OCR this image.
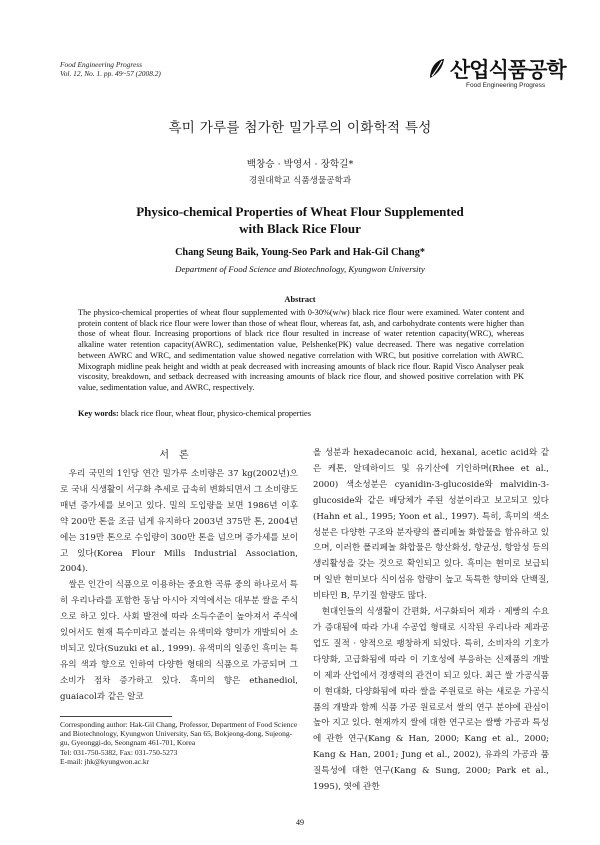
Food Engineering Progress
Vol. 12, No. 1. pp. 49~57 (2008.2)	산업식품공학
Food Engineering Progress
흑미 가루를 첨가한 밀가루의 이화학적 특성
백창승 · 박영서 · 장학길*
경원대학교 식품생물공학과
Physico-chemical Properties of Wheat Flour Supplemented
with Black Rice Flour
Chang Seung Baik, Young-Seo Park and Hak-Gil Chang*
Department of Food Science and Biotechnology, Kyungwon University
Abstract
The physico-chemical properties of wheat flour supplemented with 0-30%(w/w) black rice flour were examined. Water content and protein content of black rice flour were lower than those of wheat flour, whereas fat, ash, and carbohydrate contents were higher than those of wheat flour. Increasing proportions of black rice flour resulted in increase of water retention capacity(WRC), whereas alkaline water retention capacity(AWRC), sedimentation value, Pelshenke(PK) value decreased. There was negative correlation between AWRC and WRC, and sedimentation value showed negative correlation with WRC, but positive correlation with AWRC. Mixograph midline peak height and width at peak decreased with increasing amounts of black rice flour. Rapid Visco Analyser peak viscosity, breakdown, and setback decreased with increasing amounts of black rice flour, and showed positive correlation with PK value, sedimentation value, and AWRC, respectively.
Key words: black rice flour, wheat flour, physico-chemical properties
서론

우리 국민의 1인당 연간 밀가루 소비량은 37 kg(2002년)으로 국내 식생활이 서구화 추세로 급속히 변화되면서 그 소비량도 매년 증가세를 보이고 있다. 밀의 도입량을 보면 1986년 이후 약 200만 톤을 조금 넘게 유지하다 2003년 375만 톤, 2004년에는 319만 톤으로 수입량이 300만 톤을 넘으며 증가세를 보이고 있다(Korea Flour Mills Industrial Association, 2004).

쌀은 인간이 식품으로 이용하는 중요한 곡류 중의 하나로서 특히 우리나라를 포함한 동남 아시아 지역에서는 대부분 쌀을 주식으로 하고 있다. 사회 발전에 따라 소득수준이 높아져서 주식에 있어서도 현재 특수미라고 불리는 유색미와 향미가 개발되어 소비되고 있다(Suzuki et al., 1999). 유색미의 일종인 흑미는 특유의 색과 향으로 인하여 다양한 형태의 식품으로 가공되며 그 소비가 점차 증가하고 있다. 흑미의 향은 ethanediol, guaiacol과 같은 알코

올 성분과 hexadecanoic acid, hexanal, acetic acid와 같은 케톤, 알데하이드 및 유기산에 기인하며(Rhee et al., 2000) 색소성분은 cyanidin-3-glucoside와 malvidin-3-glucoside와 같은 배당체가 주된 성분이라고 보고되고 있다(Hahn et al., 1995; Yoon et al., 1997). 특히, 흑미의 색소성분은 다양한 구조와 분자량의 폴리페놀 화합물을 함유하고 있으며, 이러한 폴리페놀 화합물은 항산화성, 항균성, 항암성 등의 생리활성을 갖는 것으로 확인되고 있다. 흑미는 현미로 보급되며 일반 현미보다 식이섬유 함량이 높고 독특한 향미와 단백질, 비타민 B, 무기질 함량도 많다.

현대인들의 식생활이 간편화, 서구화되어 제과 · 제빵의 수요가 증대됨에 따라 가내 수공업 형태로 시작된 우리나라 제과공업도 질적 · 양적으로 팽창하게 되었다. 특히, 소비자의 기호가 다양화, 고급화됨에 따라 이 기호성에 부응하는 신제품의 개발이 제과 산업에서 경쟁력의 관건이 되고 있다. 최근 쌀 가공식품이 현대화, 다양화됨에 따라 쌀을 주원료로 하는 새로운 가공식품의 개발과 함께 식품 가공 원료로서 쌀의 연구 분야에 관심이 높아 지고 있다. 현재까지 쌀에 대한 연구로는 쌀빵 가공과 특성에 관한 연구(Kang & Han, 2000; Kang et al., 2000; Kang & Han, 2001; Jung et al., 2002), 유과의 가공과 품질특성에 대한 연구(Kang & Sung, 2000; Park et al., 1995), 엿에 관한

Corresponding author: Hak-Gil Chang, Professor, Department of Food Science and Biotechnology, Kyungwon University, San 65, Bokjeong-dong, Sujeong-gu, Gyeonggi-do, Seongnam 461-701, Korea
Tel: 031-750-5382, Fax: 031-750-5273
E-mail: jhk@kyungwon.ac.kr
49
